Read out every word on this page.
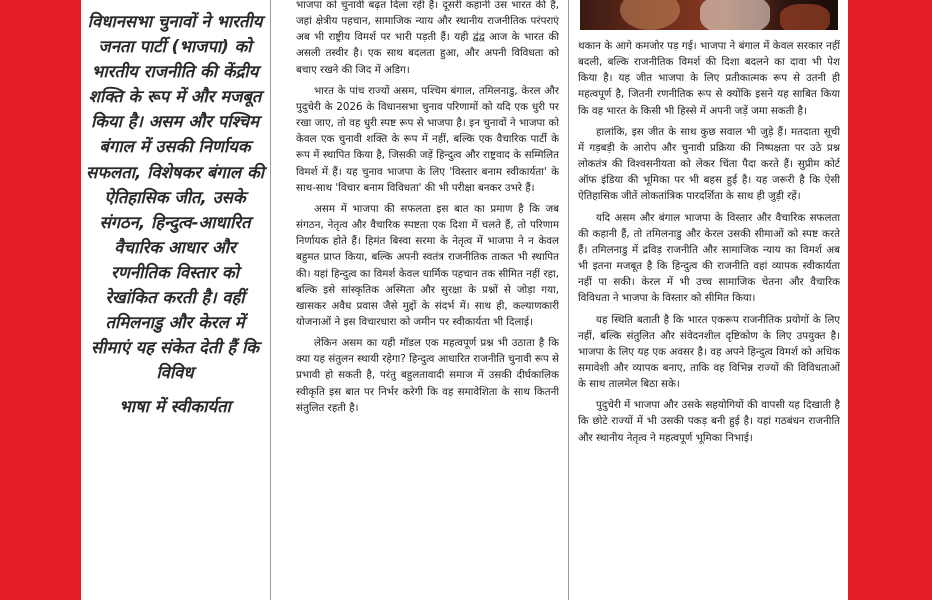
विधानसभा चुनावों ने भारतीय जनता पार्टी (भाजपा) को भारतीय राजनीति की केंद्रीय शक्ति के रूप में और मजबूत किया है। असम और पश्चिम बंगाल में उसकी निर्णायक सफलता, विशेषकर बंगाल की ऐतिहासिक जीत, उसके संगठन, हिन्दुत्व-आधारित वैचारिक आधार और रणनीतिक विस्तार को रेखांकित करती है। वहीं तमिलनाडु और केरल में सीमाएं यह संकेत देती हैं कि विविध

भाषा में स्वीकार्यता

भाजपा को चुनावी बढ़त दिला रही हैं। दूसरी कहानी उस भारत की है, जहां क्षेत्रीय पहचान, सामाजिक न्याय और स्थानीय राजनीतिक परंपराएं अब भी राष्ट्रीय विमर्श पर भारी पड़ती हैं। यही द्वंद्व आज के भारत की असली तस्वीर है। एक साथ बदलता हुआ, और अपनी विविधता को बचाए रखने की जिद में अडिग।

भारत के पांच राज्यों असम, पश्चिम बंगाल, तमिलनाडु, केरल और पुदुचेरी के 2026 के विधानसभा चुनाव परिणामों को यदि एक धुरी पर रखा जाए, तो वह धुरी स्पष्ट रूप से भाजपा है। इन चुनावों ने भाजपा को केवल एक चुनावी शक्ति के रूप में नहीं, बल्कि एक वैचारिक पार्टी के रूप में स्थापित किया है, जिसकी जड़ें हिन्दुत्व और राष्ट्रवाद के सम्मिलित विमर्श में हैं। यह चुनाव भाजपा के लिए 'विस्तार बनाम स्वीकार्यता' के साथ-साथ 'विचार बनाम विविधता' की भी परीक्षा बनकर उभरे हैं।

असम में भाजपा की सफलता इस बात का प्रमाण है कि जब संगठन, नेतृत्व और वैचारिक स्पष्टता एक दिशा में चलते हैं, तो परिणाम निर्णायक होते हैं। हिमंत बिस्वा सरमा के नेतृत्व में भाजपा ने न केवल बहुमत प्राप्त किया, बल्कि अपनी स्वतंत्र राजनीतिक ताकत भी स्थापित की। यहां हिन्दुत्व का विमर्श केवल धार्मिक पहचान तक सीमित नहीं रहा, बल्कि इसे सांस्कृतिक अस्मिता और सुरक्षा के प्रश्नों से जोड़ा गया, खासकर अवैध प्रवास जैसे मुद्दों के संदर्भ में। साथ ही, कल्याणकारी योजनाओं ने इस विचारधारा को जमीन पर स्वीकार्यता भी दिलाई।

लेकिन असम का यही मॉडल एक महत्वपूर्ण प्रश्न भी उठाता है कि क्या यह संतुलन स्थायी रहेगा? हिन्दुत्व आधारित राजनीति चुनावी रूप से प्रभावी हो सकती है, परंतु बहुलतावादी समाज में उसकी दीर्घकालिक स्वीकृति इस बात पर निर्भर करेगी कि वह समावेशिता के साथ कितनी संतुलित रहती है।

थकान के आगे कमजोर पड़ गई। भाजपा ने बंगाल में केवल सरकार नहीं बदली, बल्कि राजनीतिक विमर्श की दिशा बदलने का दावा भी पेश किया है। यह जीत भाजपा के लिए प्रतीकात्मक रूप से उतनी ही महत्वपूर्ण है, जितनी रणनीतिक रूप से क्योंकि इसने यह साबित किया कि वह भारत के किसी भी हिस्से में अपनी जड़ें जमा सकती है।

हालांकि, इस जीत के साथ कुछ सवाल भी जुड़े हैं। मतदाता सूची में गड़बड़ी के आरोप और चुनावी प्रक्रिया की निष्पक्षता पर उठे प्रश्न लोकतंत्र की विश्वसनीयता को लेकर चिंता पैदा करते हैं। सुप्रीम कोर्ट ऑफ इंडिया की भूमिका पर भी बहस हुई है। यह जरूरी है कि ऐसी ऐतिहासिक जीतें लोकतांत्रिक पारदर्शिता के साथ ही जुड़ी रहें।

यदि असम और बंगाल भाजपा के विस्तार और वैचारिक सफलता की कहानी हैं, तो तमिलनाडु और केरल उसकी सीमाओं को स्पष्ट करते हैं। तमिलनाडु में द्रविड़ राजनीति और सामाजिक न्याय का विमर्श अब भी इतना मजबूत है कि हिन्दुत्व की राजनीति वहां व्यापक स्वीकार्यता नहीं पा सकी। केरल में भी उच्च सामाजिक चेतना और वैचारिक विविधता ने भाजपा के विस्तार को सीमित किया।

यह स्थिति बताती है कि भारत एकरूप राजनीतिक प्रयोगों के लिए नहीं, बल्कि संतुलित और संवेदनशील दृष्टिकोण के लिए उपयुक्त है। भाजपा के लिए यह एक अवसर है। वह अपने हिन्दुत्व विमर्श को अधिक समावेशी और व्यापक बनाए, ताकि वह विभिन्न राज्यों की विविधताओं के साथ तालमेल बिठा सके।

पुदुचेरी में भाजपा और उसके सहयोगियों की वापसी यह दिखाती है कि छोटे राज्यों में भी उसकी पकड़ बनी हुई है। यहां गठबंधन राजनीति और स्थानीय नेतृत्व ने महत्वपूर्ण भूमिका निभाई।
